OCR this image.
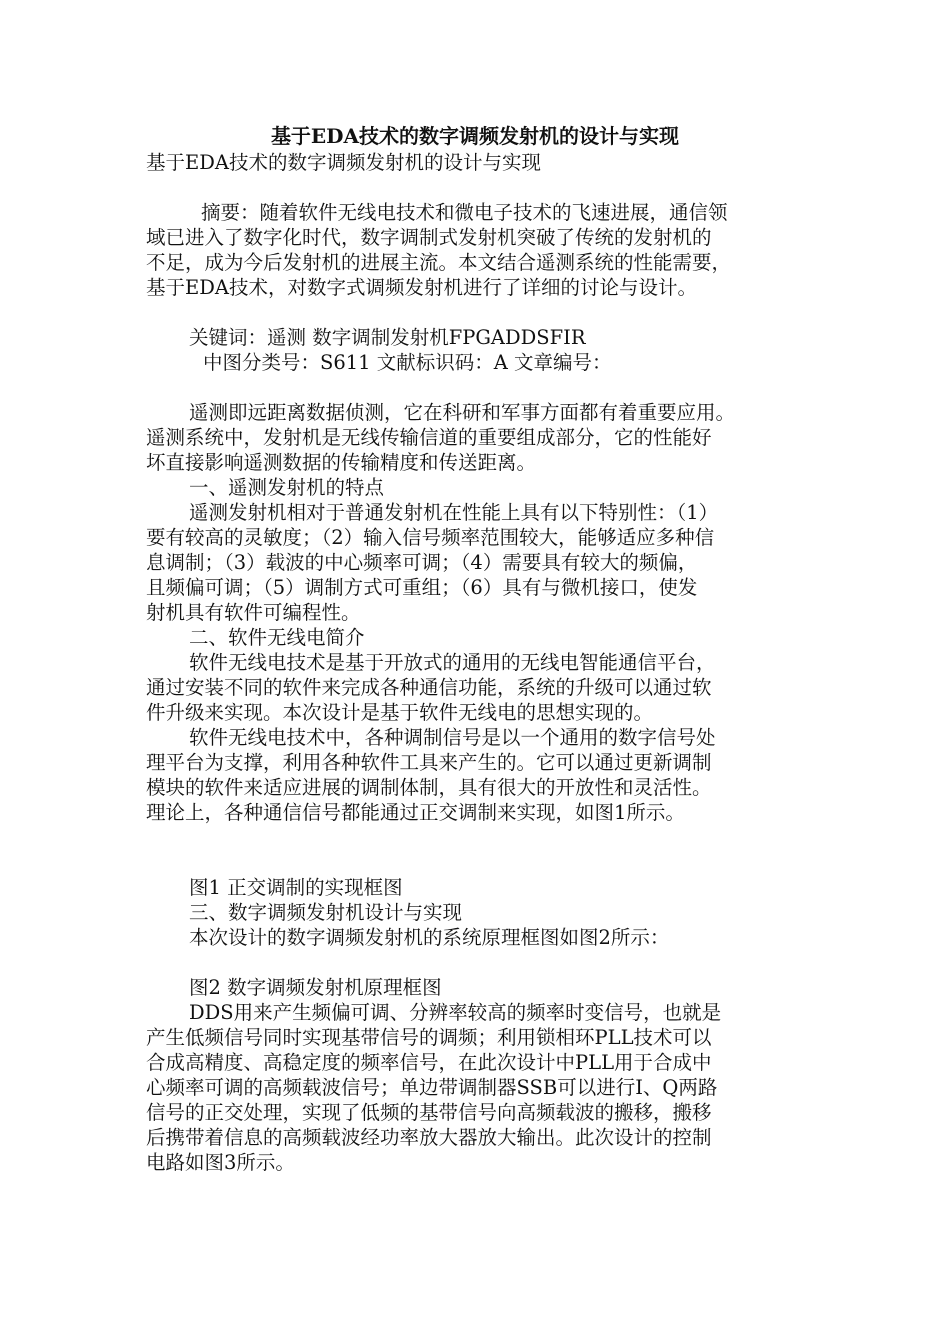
基于EDA技术的数字调频发射机的设计与实现
基于EDA技术的数字调频发射机的设计与实现
摘要：随着软件无线电技术和微电子技术的飞速进展，通信领
域已进入了数字化时代，数字调制式发射机突破了传统的发射机的
不足，成为今后发射机的进展主流。本文结合遥测系统的性能需要，
基于EDA技术，对数字式调频发射机进行了详细的讨论与设计。
关键词：遥测 数字调制发射机FPGADDSFIR
中图分类号：S611 文献标识码：A 文章编号：
遥测即远距离数据侦测，它在科研和军事方面都有着重要应用。
遥测系统中，发射机是无线传输信道的重要组成部分，它的性能好
坏直接影响遥测数据的传输精度和传送距离。
一、遥测发射机的特点
遥测发射机相对于普通发射机在性能上具有以下特别性：（1）
要有较高的灵敏度；（2）输入信号频率范围较大，能够适应多种信
息调制；（3）载波的中心频率可调；（4）需要具有较大的频偏，
且频偏可调；（5）调制方式可重组；（6）具有与微机接口，使发
射机具有软件可编程性。
二、软件无线电简介
软件无线电技术是基于开放式的通用的无线电智能通信平台，
通过安装不同的软件来完成各种通信功能，系统的升级可以通过软
件升级来实现。本次设计是基于软件无线电的思想实现的。
软件无线电技术中，各种调制信号是以一个通用的数字信号处
理平台为支撑，利用各种软件工具来产生的。它可以通过更新调制
模块的软件来适应进展的调制体制，具有很大的开放性和灵活性。
理论上，各种通信信号都能通过正交调制来实现，如图1所示。
图1 正交调制的实现框图
三、数字调频发射机设计与实现
本次设计的数字调频发射机的系统原理框图如图2所示：
图2 数字调频发射机原理框图
DDS用来产生频偏可调、分辨率较高的频率时变信号，也就是
产生低频信号同时实现基带信号的调频；利用锁相环PLL技术可以
合成高精度、高稳定度的频率信号，在此次设计中PLL用于合成中
心频率可调的高频载波信号；单边带调制器SSB可以进行I、Q两路
信号的正交处理，实现了低频的基带信号向高频载波的搬移，搬移
后携带着信息的高频载波经功率放大器放大输出。此次设计的控制
电路如图3所示。
